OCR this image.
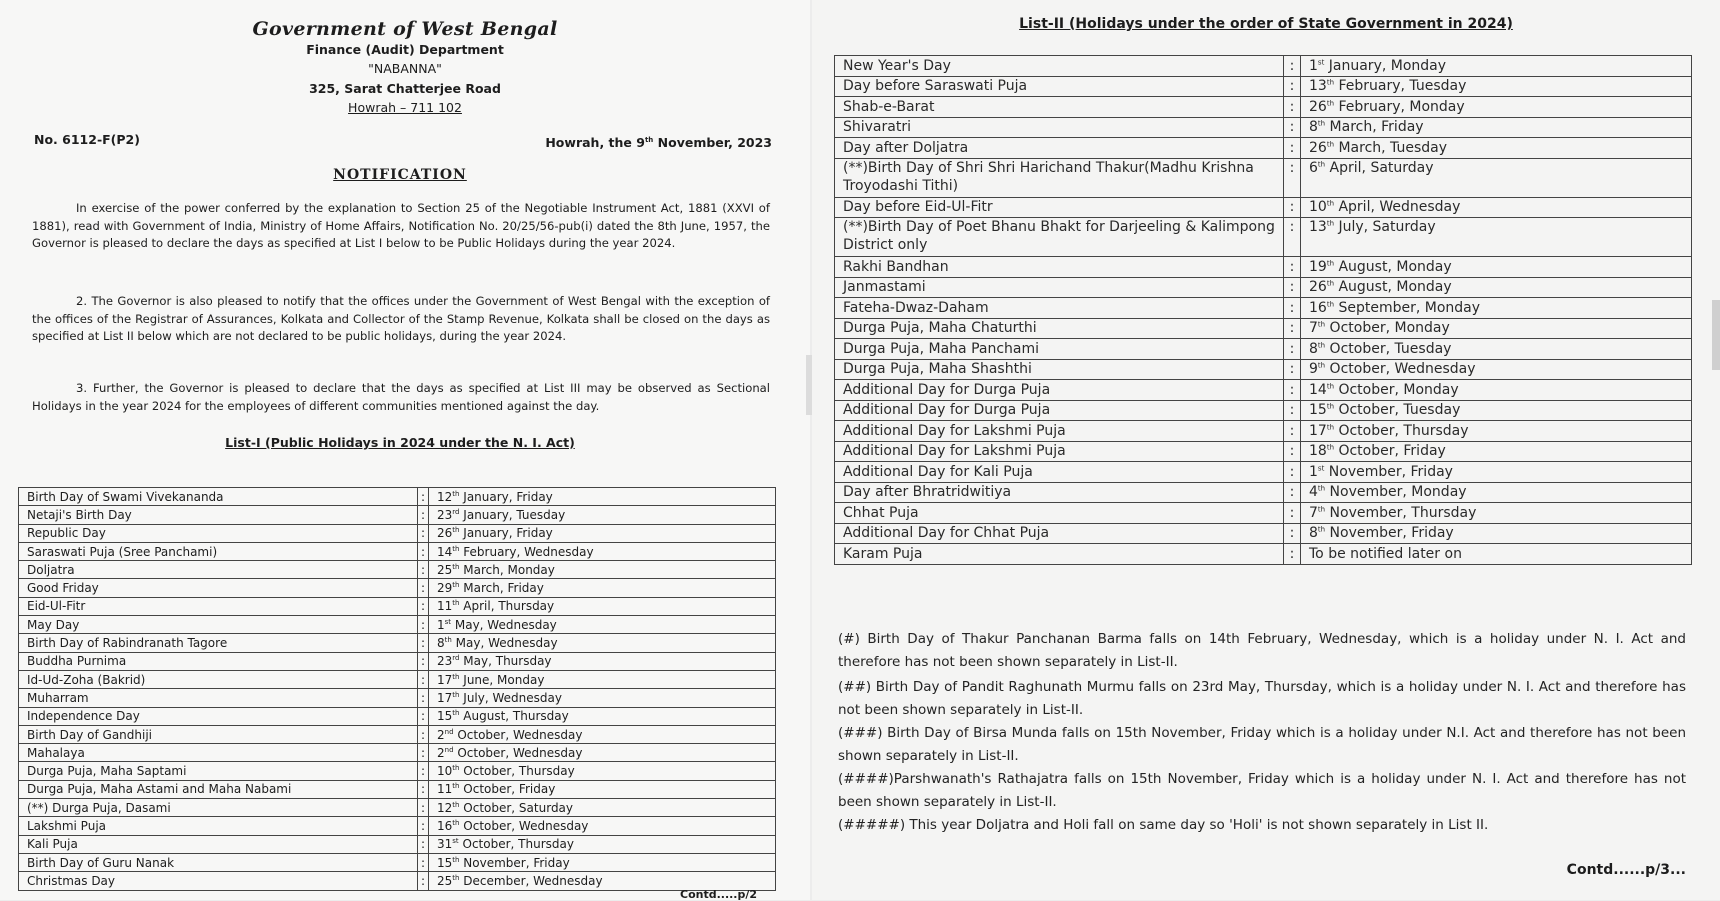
Government of West Bengal
Finance (Audit) Department
"NABANNA"
325, Sarat Chatterjee Road
Howrah – 711 102
No. 6112-F(P2)	Howrah, the 9th November, 2023
NOTIFICATION
In exercise of the power conferred by the explanation to Section 25 of the Negotiable Instrument Act, 1881 (XXVI of 1881), read with Government of India, Ministry of Home Affairs, Notification No. 20/25/56-pub(i) dated the 8th June, 1957, the Governor is pleased to declare the days as specified at List I below to be Public Holidays during the year 2024.
2. The Governor is also pleased to notify that the offices under the Government of West Bengal with the exception of the offices of the Registrar of Assurances, Kolkata and Collector of the Stamp Revenue, Kolkata shall be closed on the days as specified at List II below which are not declared to be public holidays, during the year 2024.
3. Further, the Governor is pleased to declare that the days as specified at List III may be observed as Sectional Holidays in the year 2024 for the employees of different communities mentioned against the day.
List-I (Public Holidays in 2024 under the N. I. Act)
Birth Day of Swami Vivekananda	:	12th January, Friday
Netaji's Birth Day	:	23rd January, Tuesday
Republic Day	:	26th January, Friday
Saraswati Puja (Sree Panchami)	:	14th February, Wednesday
Doljatra	:	25th March, Monday
Good Friday	:	29th March, Friday
Eid-Ul-Fitr	:	11th April, Thursday
May Day	:	1st May, Wednesday
Birth Day of Rabindranath Tagore	:	8th May, Wednesday
Buddha Purnima	:	23rd May, Thursday
Id-Ud-Zoha (Bakrid)	:	17th June, Monday
Muharram	:	17th July, Wednesday
Independence Day	:	15th August, Thursday
Birth Day of Gandhiji	:	2nd October, Wednesday
Mahalaya	:	2nd October, Wednesday
Durga Puja, Maha Saptami	:	10th October, Thursday
Durga Puja, Maha Astami and Maha Nabami	:	11th October, Friday
(**) Durga Puja, Dasami	:	12th October, Saturday
Lakshmi Puja	:	16th October, Wednesday
Kali Puja	:	31st October, Thursday
Birth Day of Guru Nanak	:	15th November, Friday
Christmas Day	:	25th December, Wednesday
Contd.....p/2
List-II (Holidays under the order of State Government in 2024)
New Year's Day	:	1st January, Monday
Day before Saraswati Puja	:	13th February, Tuesday
Shab-e-Barat	:	26th February, Monday
Shivaratri	:	8th March, Friday
Day after Doljatra	:	26th March, Tuesday
(**)Birth Day of Shri Shri Harichand Thakur(Madhu Krishna Troyodashi Tithi)	:	6th April, Saturday
Day before Eid-Ul-Fitr	:	10th April, Wednesday
(**)Birth Day of Poet Bhanu Bhakt for Darjeeling & Kalimpong District only	:	13th July, Saturday
Rakhi Bandhan	:	19th August, Monday
Janmastami	:	26th August, Monday
Fateha-Dwaz-Daham	:	16th September, Monday
Durga Puja, Maha Chaturthi	:	7th October, Monday
Durga Puja, Maha Panchami	:	8th October, Tuesday
Durga Puja, Maha Shashthi	:	9th October, Wednesday
Additional Day for Durga Puja	:	14th October, Monday
Additional Day for Durga Puja	:	15th October, Tuesday
Additional Day for Lakshmi Puja	:	17th October, Thursday
Additional Day for Lakshmi Puja	:	18th October, Friday
Additional Day for Kali Puja	:	1st November, Friday
Day after Bhratridwitiya	:	4th November, Monday
Chhat Puja	:	7th November, Thursday
Additional Day for Chhat Puja	:	8th November, Friday
Karam Puja	:	To be notified later on
(#) Birth Day of Thakur Panchanan Barma falls on 14th February, Wednesday, which is a holiday under N. I. Act and therefore has not been shown separately in List-II.
(##) Birth Day of Pandit Raghunath Murmu falls on 23rd May, Thursday, which is a holiday under N. I. Act and therefore has not been shown separately in List-II.
(###) Birth Day of Birsa Munda falls on 15th November, Friday which is a holiday under N.I. Act and therefore has not been shown separately in List-II.
(####)Parshwanath's Rathajatra falls on 15th November, Friday which is a holiday under N. I. Act and therefore has not been shown separately in List-II.
(#####) This year Doljatra and Holi fall on same day so 'Holi' is not shown separately in List II.
Contd......p/3...
